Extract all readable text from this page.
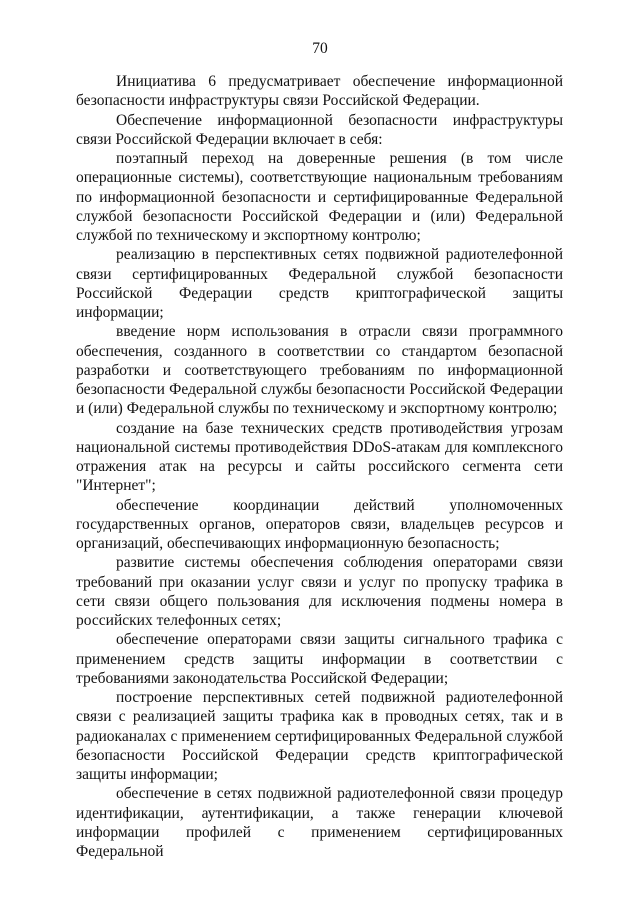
70

Инициатива 6 предусматривает обеспечение информационной безопасности инфраструктуры связи Российской Федерации.

Обеспечение информационной безопасности инфраструктуры связи Российской Федерации включает в себя:

поэтапный переход на доверенные решения (в том числе операционные системы), соответствующие национальным требованиям по информационной безопасности и сертифицированные Федеральной службой безопасности Российской Федерации и (или) Федеральной службой по техническому и экспортному контролю;

реализацию в перспективных сетях подвижной радиотелефонной связи сертифицированных Федеральной службой безопасности Российской Федерации средств криптографической защиты информации;

введение норм использования в отрасли связи программного обеспечения, созданного в соответствии со стандартом безопасной разработки и соответствующего требованиям по информационной безопасности Федеральной службы безопасности Российской Федерации и (или) Федеральной службы по техническому и экспортному контролю;

создание на базе технических средств противодействия угрозам национальной системы противодействия DDoS-атакам для комплексного отражения атак на ресурсы и сайты российского сегмента сети "Интернет";

обеспечение координации действий уполномоченных государственных органов, операторов связи, владельцев ресурсов и организаций, обеспечивающих информационную безопасность;

развитие системы обеспечения соблюдения операторами связи требований при оказании услуг связи и услуг по пропуску трафика в сети связи общего пользования для исключения подмены номера в российских телефонных сетях;

обеспечение операторами связи защиты сигнального трафика с применением средств защиты информации в соответствии с требованиями законодательства Российской Федерации;

построение перспективных сетей подвижной радиотелефонной связи с реализацией защиты трафика как в проводных сетях, так и в радиоканалах с применением сертифицированных Федеральной службой безопасности Российской Федерации средств криптографической защиты информации;

обеспечение в сетях подвижной радиотелефонной связи процедур идентификации, аутентификации, а также генерации ключевой информации профилей с применением сертифицированных Федеральной
